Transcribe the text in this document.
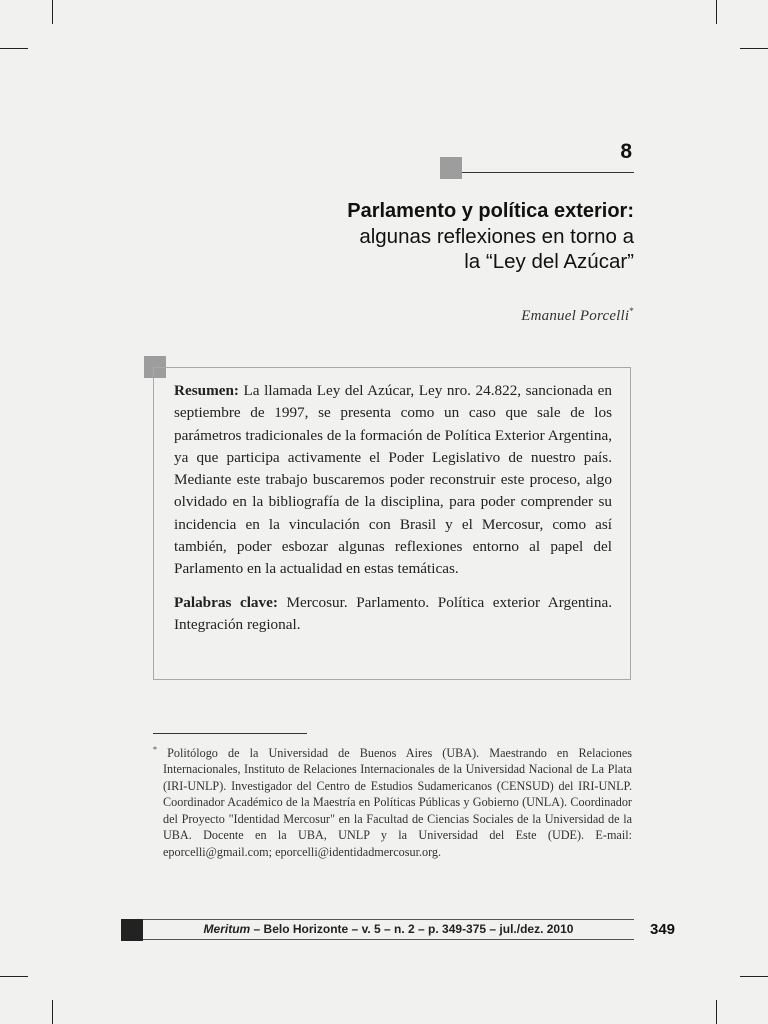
8
Parlamento y política exterior:
algunas reflexiones en torno a
la “Ley del Azúcar”
Emanuel Porcelli*

Resumen: La llamada Ley del Azúcar, Ley nro. 24.822, sancionada en septiembre de 1997, se presenta como un caso que sale de los parámetros tradicionales de la formación de Política Exterior Argentina, ya que participa activamente el Poder Legislativo de nuestro país. Mediante este trabajo buscaremos poder reconstruir este proceso, algo olvidado en la bibliografía de la disciplina, para poder comprender su incidencia en la vinculación con Brasil y el Mercosur, como así también, poder esbozar algunas reflexiones entorno al papel del Parlamento en la actualidad en estas temáticas.

Palabras clave: Mercosur. Parlamento. Política exterior Argentina. Integración regional.

* Politólogo de la Universidad de Buenos Aires (UBA). Maestrando en Relaciones Internacionales, Instituto de Relaciones Internacionales de la Universidad Nacional de La Plata (IRI-UNLP). Investigador del Centro de Estudios Sudamericanos (CENSUD) del IRI-UNLP. Coordinador Académico de la Maestría en Políticas Públicas y Gobierno (UNLA). Coordinador del Proyecto "Identidad Mercosur" en la Facultad de Ciencias Sociales de la Universidad de la UBA. Docente en la UBA, UNLP y la Universidad del Este (UDE). E-mail: eporcelli@gmail.com; eporcelli@identidadmercosur.org.
Meritum – Belo Horizonte – v. 5 – n. 2 – p. 349-375 – jul./dez. 2010	349
